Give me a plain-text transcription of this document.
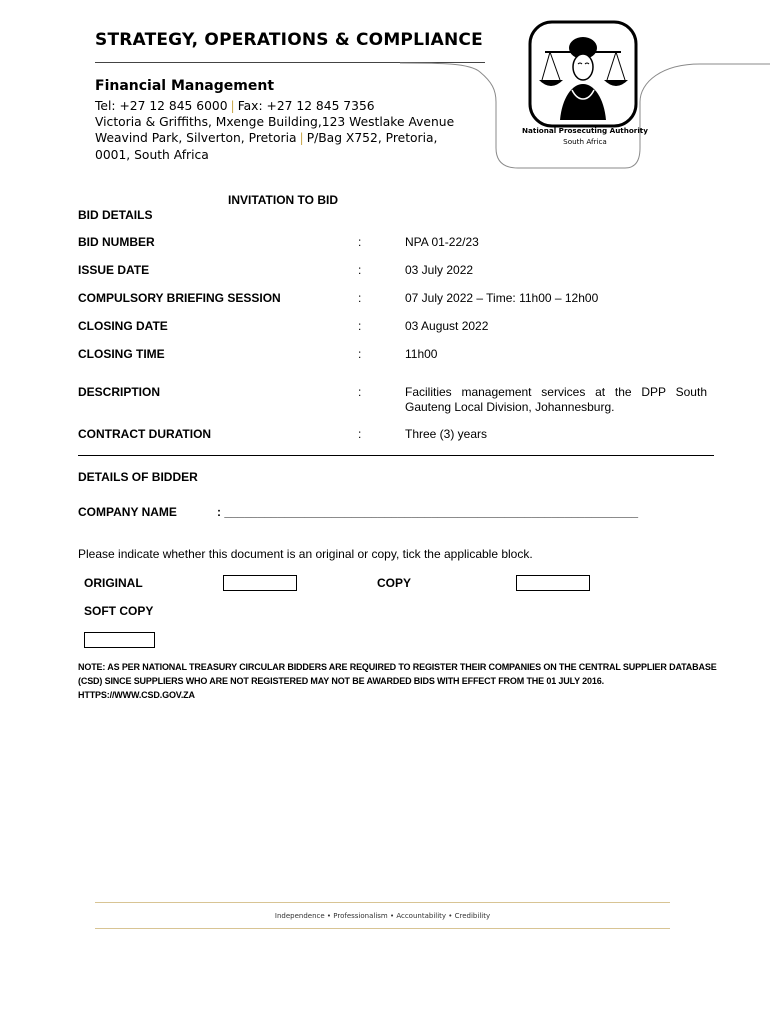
STRATEGY, OPERATIONS & COMPLIANCE
Financial Management
Tel: +27 12 845 6000 | Fax: +27 12 845 7356
Victoria & Griffiths, Mxenge Building,123 Westlake Avenue
Weavind Park, Silverton, Pretoria | P/Bag X752, Pretoria,
0001, South Africa
National Prosecuting Authority
South Africa
INVITATION TO BID
BID DETAILS
BID NUMBER	:	NPA 01-22/23
ISSUE DATE	:	03 July 2022
COMPULSORY BRIEFING SESSION	:	07 July 2022 – Time: 11h00 – 12h00
CLOSING DATE	:	03 August 2022
CLOSING TIME	:	11h00
DESCRIPTION	:	Facilities management services at the DPP South Gauteng Local Division, Johannesburg.
CONTRACT DURATION	:	Three (3) years
DETAILS OF BIDDER
COMPANY NAME	: ______________________________________________________________
Please indicate whether this document is an original or copy, tick the applicable block.
ORIGINAL	COPY
SOFT COPY
NOTE: AS PER NATIONAL TREASURY CIRCULAR BIDDERS ARE REQUIRED TO REGISTER THEIR COMPANIES ON THE CENTRAL SUPPLIER DATABASE (CSD) SINCE SUPPLIERS WHO ARE NOT REGISTERED MAY NOT BE AWARDED BIDS WITH EFFECT FROM THE 01 JULY 2016. HTTPS://WWW.CSD.GOV.ZA
Independence • Professionalism • Accountability • Credibility
